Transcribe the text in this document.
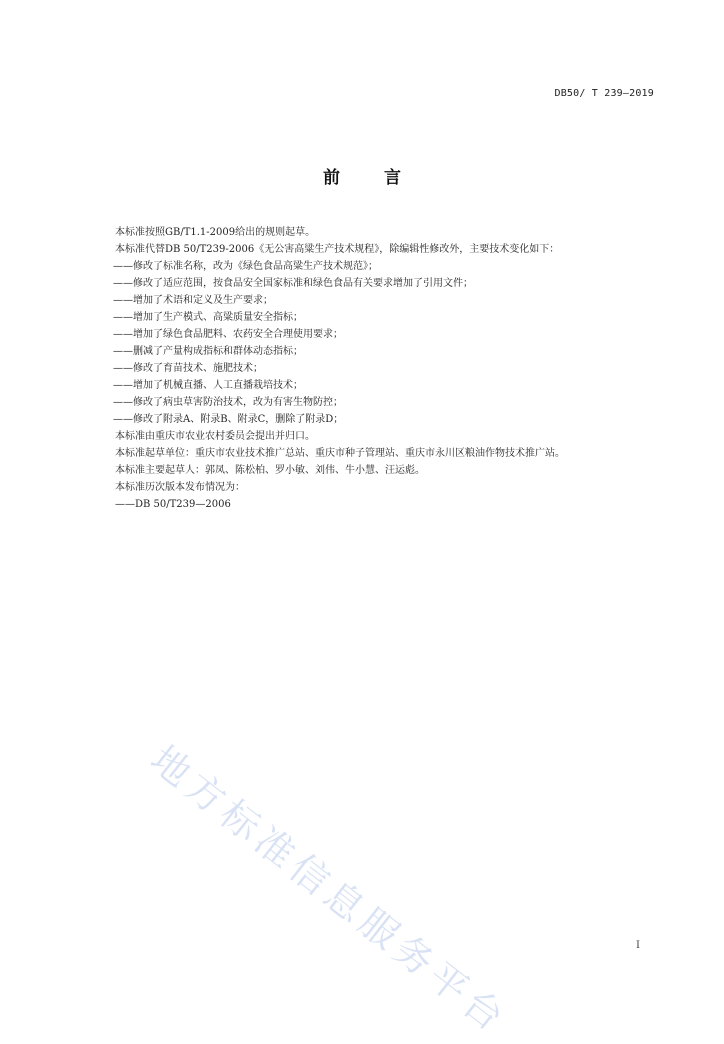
DB50/ T 239—2019
前言

本标准按照GB/T1.1-2009给出的规则起草。

本标准代替DB 50/T239-2006《无公害高粱生产技术规程》，除编辑性修改外，主要技术变化如下：

——修改了标准名称，改为《绿色食品高粱生产技术规范》；

——修改了适应范围，按食品安全国家标准和绿色食品有关要求增加了引用文件；

——增加了术语和定义及生产要求；

——增加了生产模式、高粱质量安全指标；

——增加了绿色食品肥料、农药安全合理使用要求；

——删减了产量构成指标和群体动态指标；

——修改了育苗技术、施肥技术；

——增加了机械直播、人工直播栽培技术；

——修改了病虫草害防治技术，改为有害生物防控；

——修改了附录A、附录B、附录C，删除了附录D；

本标准由重庆市农业农村委员会提出并归口。

本标准起草单位：重庆市农业技术推广总站、重庆市种子管理站、重庆市永川区粮油作物技术推广站。

本标准主要起草人：郭凤、陈松柏、罗小敏、刘伟、牛小慧、汪运彪。

本标准历次版本发布情况为：

——DB 50/T239—2006

地方标准信息服务平台	I
